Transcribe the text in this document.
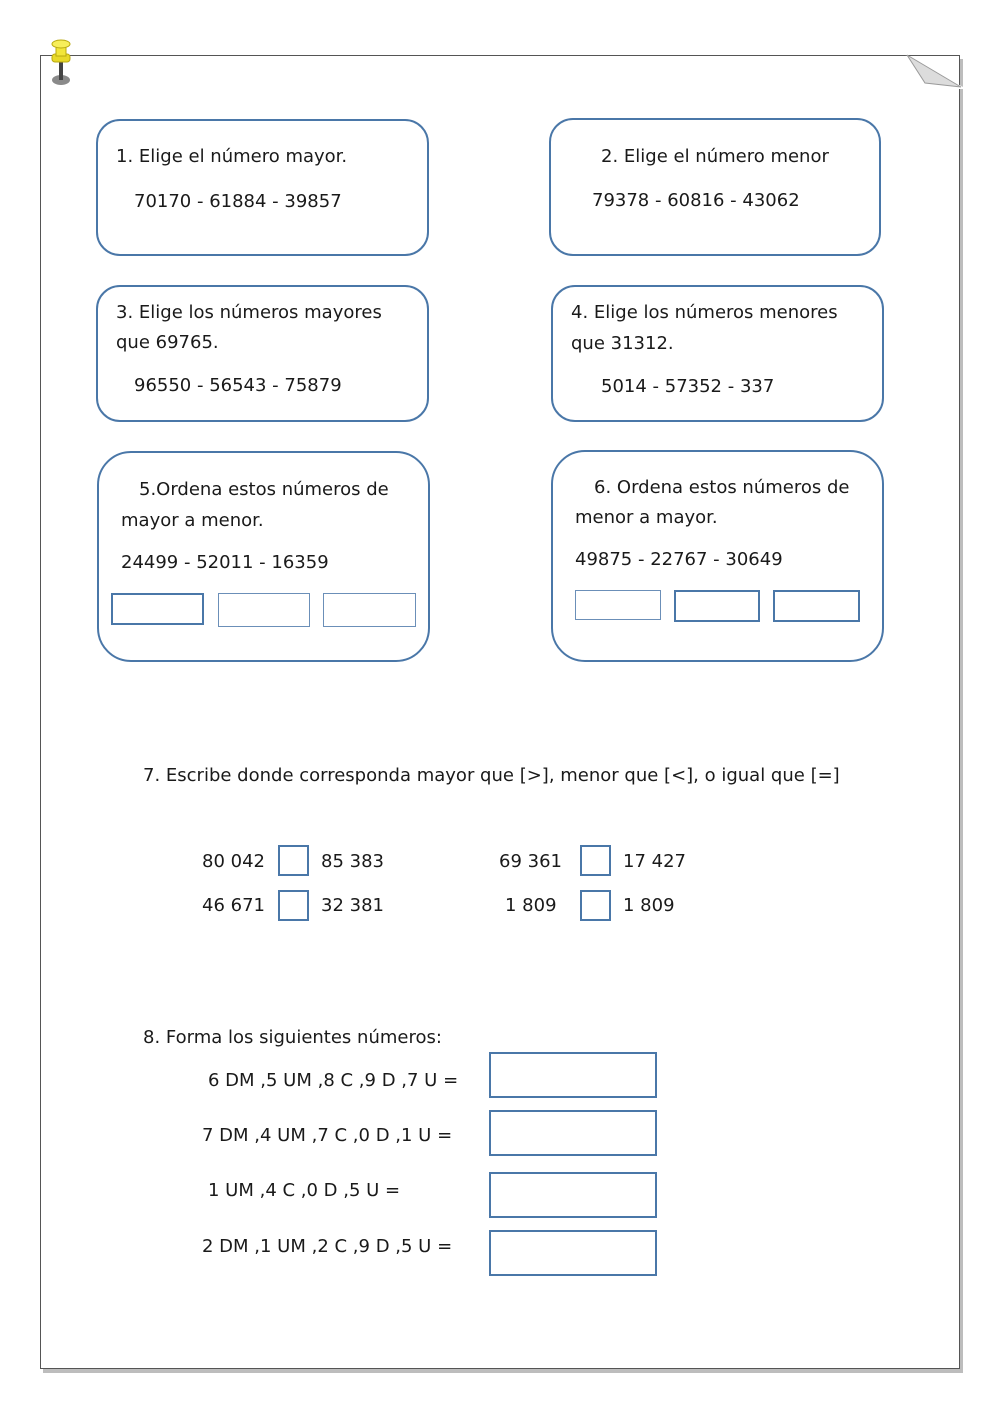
1. Elige el número mayor.
70170 - 61884 - 39857
2. Elige el número menor
79378 - 60816 - 43062
3. Elige los números mayores
que 69765.
96550 - 56543 - 75879
4. Elige los números menores
que 31312.
5014 - 57352 - 337
5.Ordena estos números de
mayor a menor.
24499 - 52011 - 16359
6. Ordena estos números de
menor a mayor.
49875 - 22767 - 30649
7. Escribe donde corresponda mayor que [>], menor que [<], o igual que [=]
80 042	85 383	69 361	17 427
46 671	32 381	1 809	1 809
8. Forma los siguientes números:
6 DM ,5 UM ,8 C ,9 D ,7 U =
7 DM ,4 UM ,7 C ,0 D ,1 U =
1 UM ,4 C ,0 D ,5 U =
2 DM ,1 UM ,2 C ,9 D ,5 U =
